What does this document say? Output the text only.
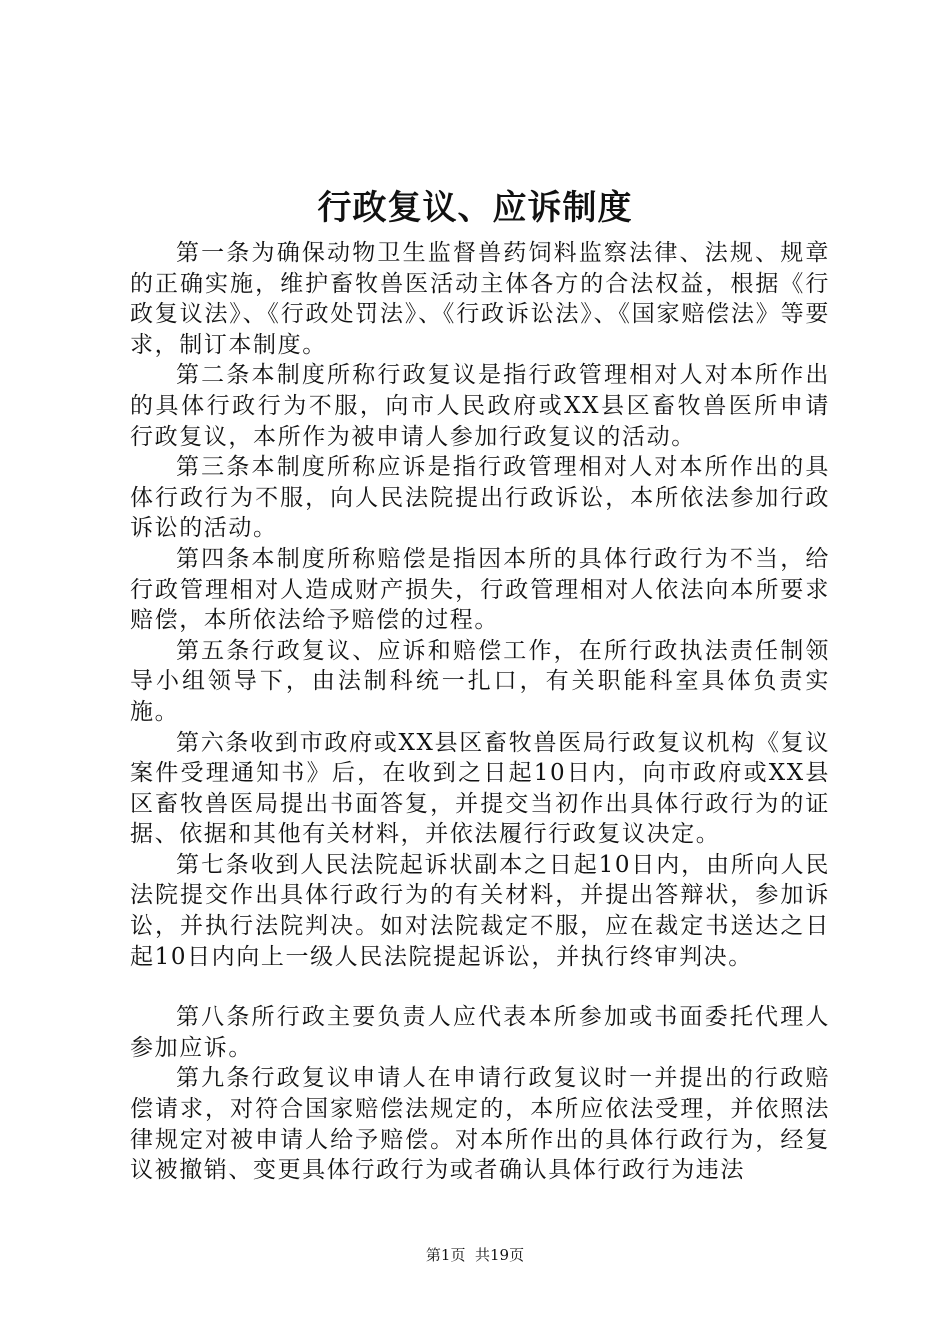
行政复议、应诉制度

第一条为确保动物卫生监督兽药饲料监察法律、法规、规章的正确实施，维护畜牧兽医活动主体各方的合法权益，根据《行政复议法》、《行政处罚法》、《行政诉讼法》、《国家赔偿法》等要求，制订本制度。

第二条本制度所称行政复议是指行政管理相对人对本所作出的具体行政行为不服，向市人民政府或XX县区畜牧兽医所申请行政复议，本所作为被申请人参加行政复议的活动。

第三条本制度所称应诉是指行政管理相对人对本所作出的具体行政行为不服，向人民法院提出行政诉讼，本所依法参加行政诉讼的活动。

第四条本制度所称赔偿是指因本所的具体行政行为不当，给行政管理相对人造成财产损失，行政管理相对人依法向本所要求赔偿，本所依法给予赔偿的过程。

第五条行政复议、应诉和赔偿工作，在所行政执法责任制领导小组领导下，由法制科统一扎口，有关职能科室具体负责实施。

第六条收到市政府或XX县区畜牧兽医局行政复议机构《复议案件受理通知书》后，在收到之日起10日内，向市政府或XX县区畜牧兽医局提出书面答复，并提交当初作出具体行政行为的证据、依据和其他有关材料，并依法履行行政复议决定。

第七条收到人民法院起诉状副本之日起10日内，由所向人民法院提交作出具体行政行为的有关材料，并提出答辩状，参加诉讼，并执行法院判决。如对法院裁定不服，应在裁定书送达之日起10日内向上一级人民法院提起诉讼，并执行终审判决。

第八条所行政主要负责人应代表本所参加或书面委托代理人参加应诉。

第九条行政复议申请人在申请行政复议时一并提出的行政赔偿请求，对符合国家赔偿法规定的，本所应依法受理，并依照法律规定对被申请人给予赔偿。对本所作出的具体行政行为，经复议被撤销、变更具体行政行为或者确认具体行政行为违法

第1页 共19页
